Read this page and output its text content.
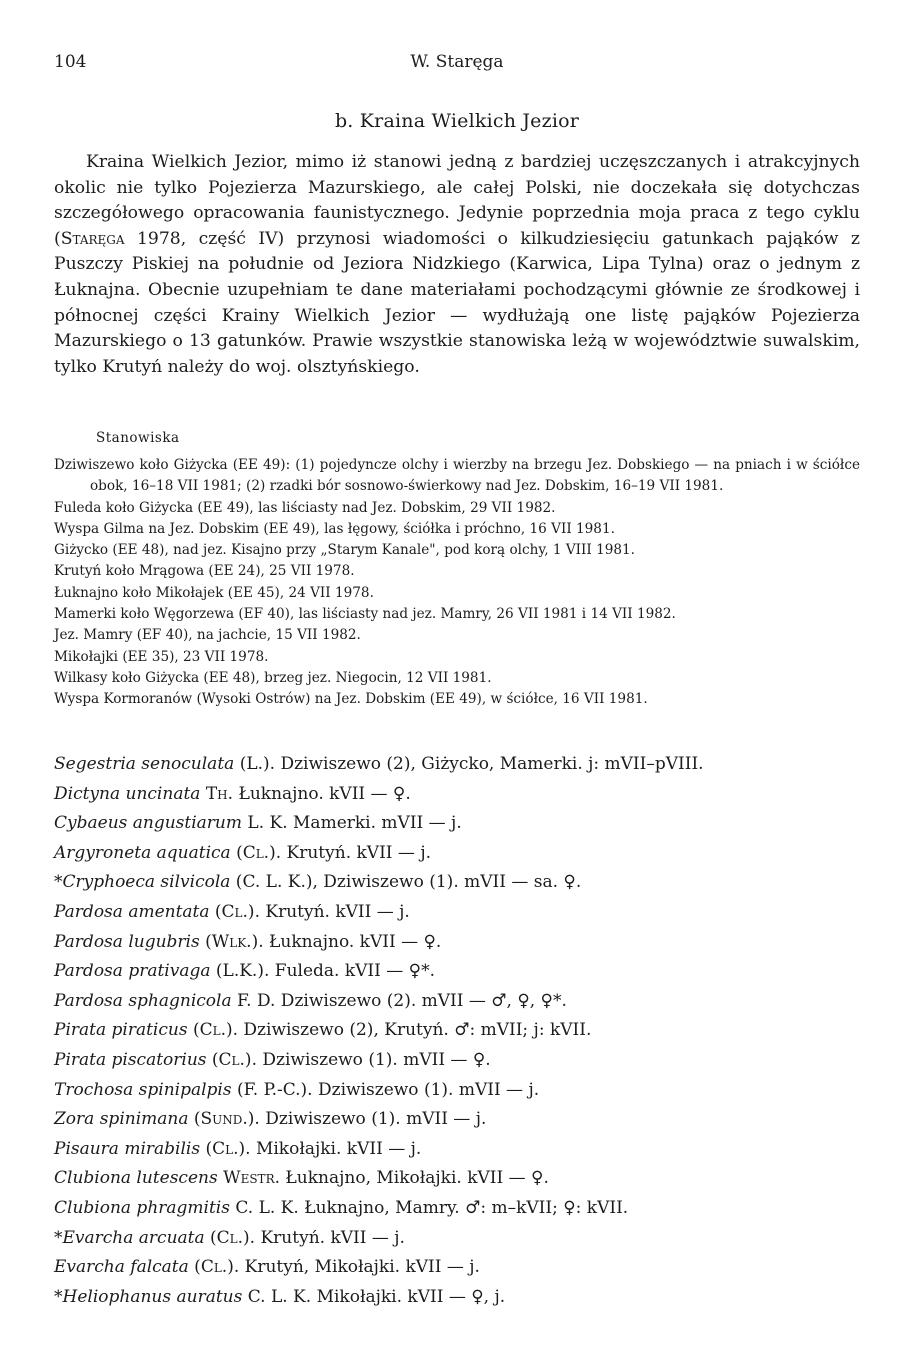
104	W. Staręga
b. Kraina Wielkich Jezior

Kraina Wielkich Jezior, mimo iż stanowi jedną z bardziej uczęszczanych i atrakcyjnych okolic nie tylko Pojezierza Mazurskiego, ale całej Polski, nie doczekała się dotychczas szczegółowego opracowania faunistycznego. Jedynie poprzednia moja praca z tego cyklu (Staręga 1978, część IV) przynosi wiadomości o kilkudziesięciu gatunkach pająków z Puszczy Piskiej na południe od Jeziora Nidzkiego (Karwica, Lipa Tylna) oraz o jednym z Łuknajna. Obecnie uzupełniam te dane materiałami pochodzącymi głównie ze środkowej i północnej części Krainy Wielkich Jezior — wydłużają one listę pająków Pojezierza Mazurskiego o 13 gatunków. Prawie wszystkie stanowiska leżą w województwie suwalskim, tylko Krutyń należy do woj. olsztyńskiego.

Stanowiska
Dziwiszewo koło Giżycka (EE 49): (1) pojedyncze olchy i wierzby na brzegu Jez. Dobskiego — na pniach i w ściółce obok, 16–18 VII 1981; (2) rzadki bór sosnowo-świerkowy nad Jez. Dobskim, 16–19 VII 1981.
Fuleda koło Giżycka (EE 49), las liściasty nad Jez. Dobskim, 29 VII 1982.
Wyspa Gilma na Jez. Dobskim (EE 49), las łęgowy, ściółka i próchno, 16 VII 1981.
Giżycko (EE 48), nad jez. Kisajno przy „Starym Kanale", pod korą olchy, 1 VIII 1981.
Krutyń koło Mrągowa (EE 24), 25 VII 1978.
Łuknajno koło Mikołajek (EE 45), 24 VII 1978.
Mamerki koło Węgorzewa (EF 40), las liściasty nad jez. Mamry, 26 VII 1981 i 14 VII 1982.
Jez. Mamry (EF 40), na jachcie, 15 VII 1982.
Mikołajki (EE 35), 23 VII 1978.
Wilkasy koło Giżycka (EE 48), brzeg jez. Niegocin, 12 VII 1981.
Wyspa Kormoranów (Wysoki Ostrów) na Jez. Dobskim (EE 49), w ściółce, 16 VII 1981.
Segestria senoculata (L.). Dziwiszewo (2), Giżycko, Mamerki. j: mVII–pVIII.
Dictyna uncinata Th. Łuknajno. kVII — ♀.
Cybaeus angustiarum L. K. Mamerki. mVII — j.
Argyroneta aquatica (Cl.). Krutyń. kVII — j.
*Cryphoeca silvicola (C. L. K.), Dziwiszewo (1). mVII — sa. ♀.
Pardosa amentata (Cl.). Krutyń. kVII — j.
Pardosa lugubris (Wlk.). Łuknajno. kVII — ♀.
Pardosa prativaga (L.K.). Fuleda. kVII — ♀*.
Pardosa sphagnicola F. D. Dziwiszewo (2). mVII — ♂, ♀, ♀*.
Pirata piraticus (Cl.). Dziwiszewo (2), Krutyń. ♂: mVII; j: kVII.
Pirata piscatorius (Cl.). Dziwiszewo (1). mVII — ♀.
Trochosa spinipalpis (F. P.-C.). Dziwiszewo (1). mVII — j.
Zora spinimana (Sund.). Dziwiszewo (1). mVII — j.
Pisaura mirabilis (Cl.). Mikołajki. kVII — j.
Clubiona lutescens Westr. Łuknajno, Mikołajki. kVII — ♀.
Clubiona phragmitis C. L. K. Łuknajno, Mamry. ♂: m–kVII; ♀: kVII.
*Evarcha arcuata (Cl.). Krutyń. kVII — j.
Evarcha falcata (Cl.). Krutyń, Mikołajki. kVII — j.
*Heliophanus auratus C. L. K. Mikołajki. kVII — ♀, j.
